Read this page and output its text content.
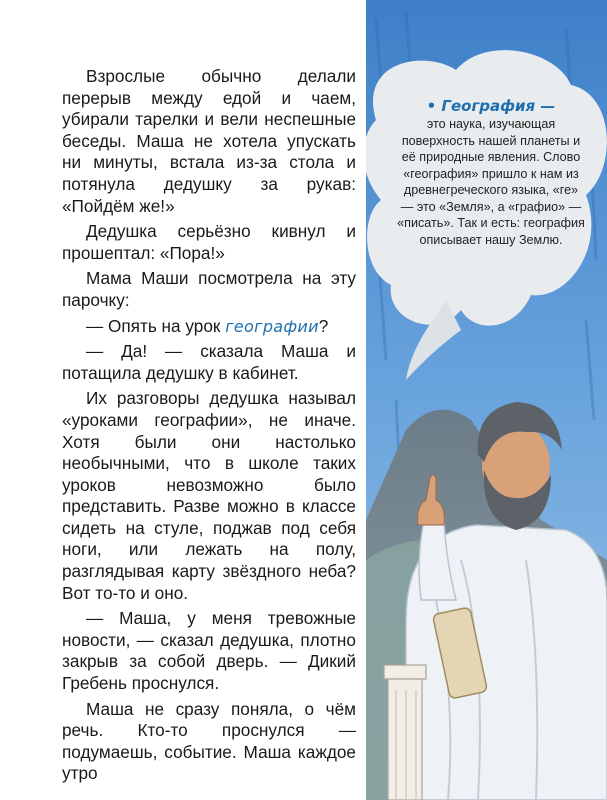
Взрослые обычно делали перерыв между едой и чаем, убирали тарелки и вели неспешные беседы. Маша не хотела упускать ни минуты, встала из-за стола и потянула дедушку за рукав: «Пойдём же!»

Дедушка серьёзно кивнул и прошептал: «Пора!»

Мама Маши посмотрела на эту парочку:

— Опять на урок географии?

— Да! — сказала Маша и потащила дедушку в кабинет.

Их разговоры дедушка называл «уроками географии», не иначе. Хотя были они настолько необычными, что в школе таких уроков невозможно было представить. Разве можно в классе сидеть на стуле, поджав под себя ноги, или лежать на полу, разглядывая карту звёздного неба? Вот то-то и оно.

— Маша, у меня тревожные новости, — сказал дедушка, плотно закрыв за собой дверь. — Дикий Гребень проснулся.

Маша не сразу поняла, о чём речь. Кто-то проснулся — подумаешь, событие. Маша каждое утро

• География —
это наука, изучающая поверхность нашей планеты и её природные явления. Слово «география» пришло к нам из древнегреческого языка, «ге» — это «Земля», а «графио» — «писать». Так и есть: география описывает нашу Землю.
